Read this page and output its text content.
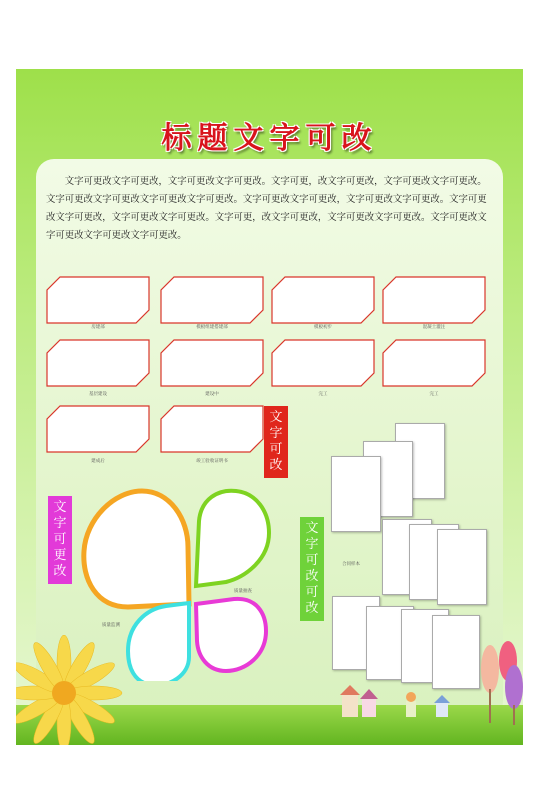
标题文字可改
文字可更改文字可更改，文字可更改文字可更改。文字可更，改文字可更改，文字可更改文字可更改。文字可更改文字可更改文字可更改文字可更改。文字可更改文字可更改，文字可更改文字可更改。文字可更改文字可更改，文字可更改文字可更改。文字可更，改文字可更改，文字可更改文字可更改。文字可更改文字可更改文字可更改文字可更改。
房建部	模板组建搭建部	模板初步	混凝土灌注
基层建设	建设中	完工	完工
建成后	竣工验收证明书
文字可改
文字可更改
文字可改可改
质量抽查
质量监测
合同样本
